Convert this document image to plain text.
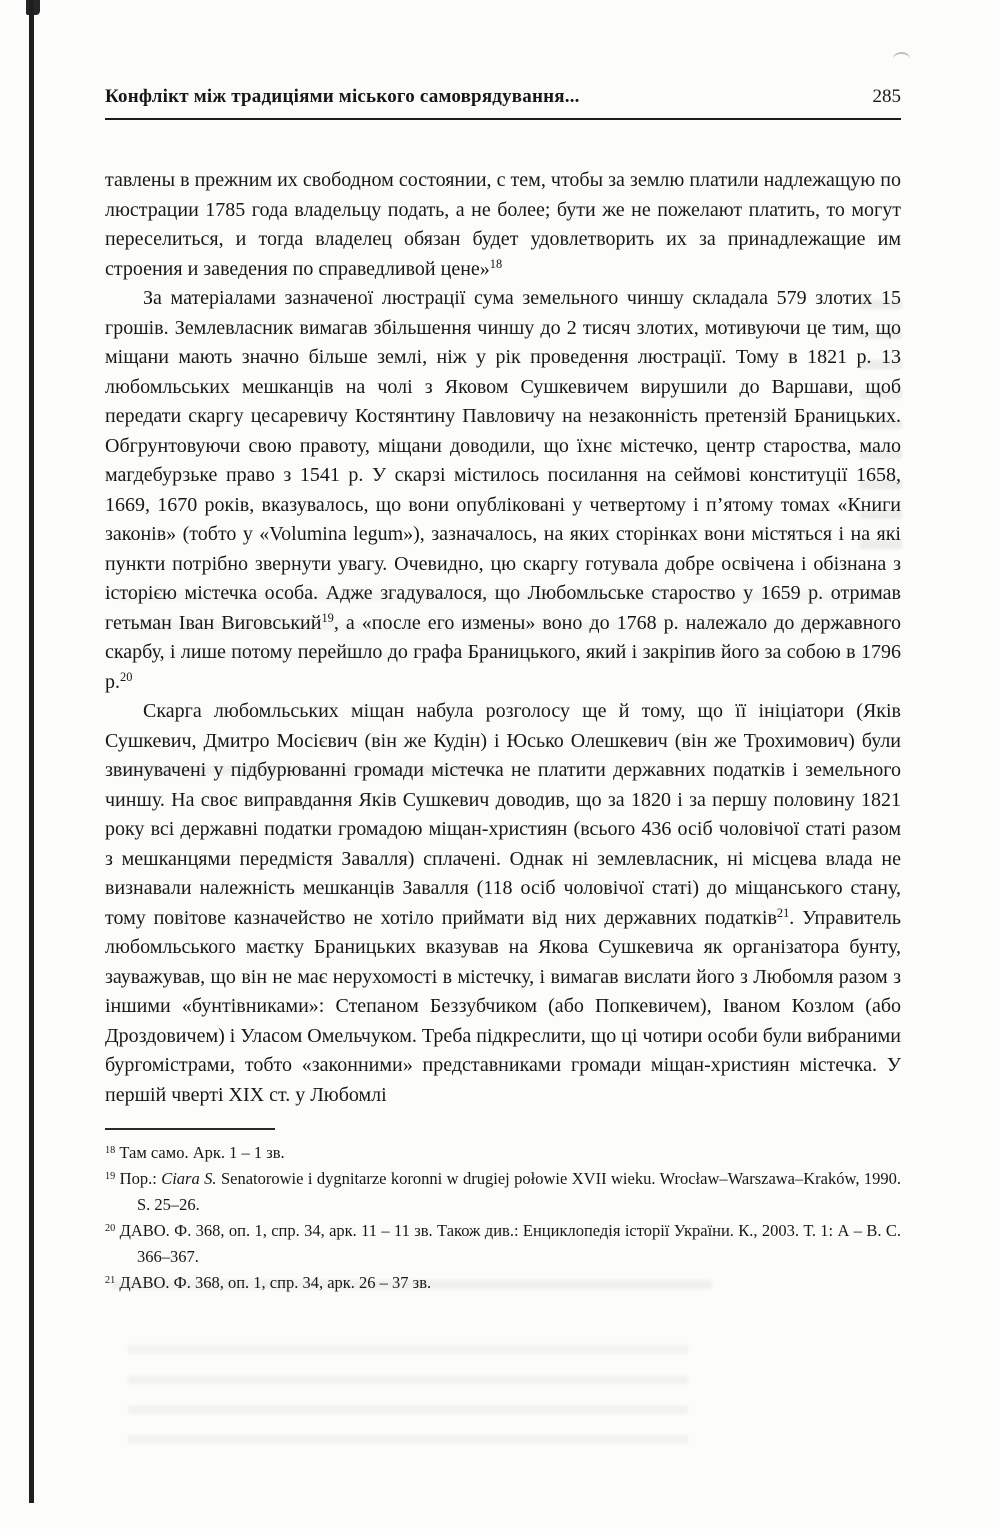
Конфлікт між традиціями міського самоврядування...	285

тавлены в прежним их свободном состоянии, с тем, чтобы за землю платили надлежащую по люстрации 1785 года владельцу подать, а не более; бути же не пожелают платить, то могут переселиться, и тогда владелец обязан будет удовлетворить их за принадлежащие им строения и заведения по справедливой цене»$^{18}$

За матеріалами зазначеної люстрації сума земельного чиншу складала 579 злотих 15 грошів. Землевласник вимагав збільшення чиншу до 2 тисяч злотих, мотивуючи це тим, що міщани мають значно більше землі, ніж у рік проведення люстрації. Тому в 1821 р. 13 любомльських мешканців на чолі з Яковом Сушкевичем вирушили до Варшави, щоб передати скаргу цесаревичу Костянтину Павловичу на незаконність претензій Браницьких. Обгрунтовуючи свою правоту, міщани доводили, що їхнє містечко, центр староства, мало магдебурзьке право з 1541 р. У скарзі містилось посилання на сеймові конституції 1658, 1669, 1670 років, вказувалось, що вони опубліковані у четвертому і п’ятому томах «Книги законів» (тобто у «Volumina legum»), зазначалось, на яких сторінках вони містяться і на які пункти потрібно звернути увагу. Очевидно, цю скаргу готувала добре освічена і обізнана з історією містечка особа. Адже згадувалося, що Любомльське староство у 1659 р. отримав гетьман Іван Виговський$^{19}$, а «после его измены» воно до 1768 р. належало до державного скарбу, і лише потому перейшло до графа Браницького, який і закріпив його за собою в 1796 р.$^{20}$

Скарга любомльських міщан набула розголосу ще й тому, що її ініціатори (Яків Сушкевич, Дмитро Мосієвич (він же Кудін) і Юсько Олешкевич (він же Трохимович) були звинувачені у підбурюванні громади містечка не платити державних податків і земельного чиншу. На своє виправдання Яків Сушкевич доводив, що за 1820 і за першу половину 1821 року всі державні податки громадою міщан-християн (всього 436 осіб чоловічої статі разом з мешканцями передмістя Завалля) сплачені. Однак ні землевласник, ні місцева влада не визнавали належність мешканців Завалля (118 осіб чоловічої статі) до міщанського стану, тому повітове казначейство не хотіло приймати від них державних податків$^{21}$. Управитель любомльського маєтку Браницьких вказував на Якова Сушкевича як організатора бунту, зауважував, що він не має нерухомості в містечку, і вимагав вислати його з Любомля разом з іншими «бунтівниками»: Степаном Беззубчиком (або Попкевичем), Іваном Козлом (або Дроздовичем) і Уласом Омельчуком. Треба підкреслити, що ці чотири особи були вибраними бургомістрами, тобто «законними» представниками громади міщан-християн містечка. У першій чверті XIX ст. у Любомлі

$^{18}$ Там само. Арк. 1 – 1 зв.
$^{19}$ Пор.: Ciara S. Senatorowie i dygnitarze koronni w drugiej połowie XVII wieku. Wrocław–Warszawa–Kraków, 1990. S. 25–26.
$^{20}$ ДАВО. Ф. 368, оп. 1, спр. 34, арк. 11 – 11 зв. Також див.: Енциклопедія історії України. К., 2003. Т. 1: А – В. С. 366–367.
$^{21}$ ДАВО. Ф. 368, оп. 1, спр. 34, арк. 26 – 37 зв.
